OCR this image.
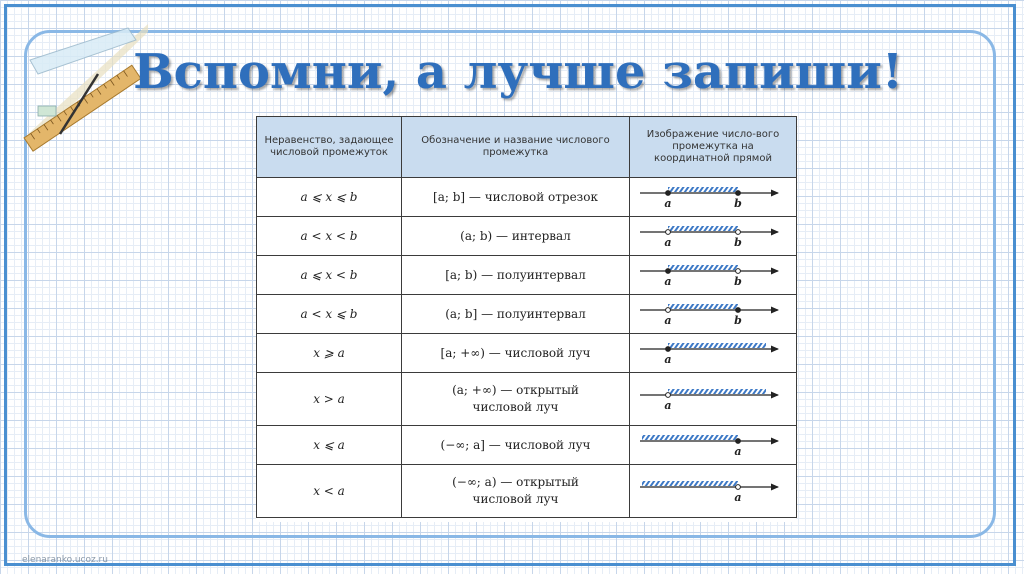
Вспомни, а лучше запиши!
Неравенство, задающее числовой промежуток	Обозначение и название числового промежутка	Изображение число-вого промежутка на координатной прямой
a ⩽ x ⩽ b	[a; b] — числовой отрезок	a b

a < x < b	(a; b) — интервал	a b

a ⩽ x < b	[a; b) — полуинтервал	a b

a < x ⩽ b	(a; b] — полуинтервал	a b

x ⩾ a	[a; +∞) — числовой луч	a

x > a	(a; +∞) — открытый
числовой луч	a

x ⩽ a	(−∞; a] — числовой луч	a

x < a	(−∞; a) — открытый
числовой луч	a
elenaranko.ucoz.ru
